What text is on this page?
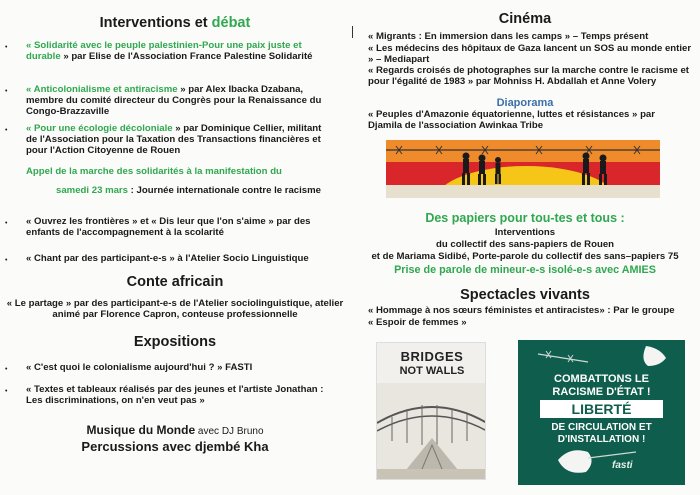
Interventions et débat
• « Solidarité avec le peuple palestinien-Pour une paix juste et durable » par Elise de l'Association France Palestine Solidarité
• « Anticolonialisme et antiracisme » par Alex Ibacka Dzabana, membre du comité directeur du Congrès pour la Renaissance du Congo-Brazzaville
• « Pour une écologie décoloniale » par Dominique Cellier, militant de l'Association pour la Taxation des Transactions financières et pour l'Action Citoyenne de Rouen
Appel de la marche des solidarités à la manifestation du
samedi 23 mars : Journée internationale contre le racisme
• « Ouvrez les frontières » et « Dis leur que l'on s'aime » par des enfants de l'accompagnement à la scolarité
• « Chant par des participant-e-s » à l'Atelier Socio Linguistique
Conte africain
« Le partage » par des participant-e-s de l'Atelier sociolinguistique, atelier animé par Florence Capron, conteuse professionnelle
Expositions
• « C'est quoi le colonialisme aujourd'hui ? » FASTI
• « Textes et tableaux réalisés par des jeunes et l'artiste Jonathan : Les discriminations, on n'en veut pas »
Musique du Monde avec DJ Bruno
Percussions avec djembé Kha
Cinéma
« Migrants : En immersion dans les camps » – Temps présent
« Les médecins des hôpitaux de Gaza lancent un SOS au monde entier » – Mediapart
« Regards croisés de photographes sur la marche contre le racisme et pour l'égalité de 1983 » par Mohniss H. Abdallah et Anne Volery
Diaporama
« Peuples d'Amazonie équatorienne, luttes et résistances » par Djamila de l'association Awinkaa Tribe
Des papiers pour tou-tes et tous :
Interventions
du collectif des sans-papiers de Rouen
et de Mariama Sidibé, Porte-parole du collectif des sans–papiers 75
Prise de parole de mineur-e-s isolé-e-s avec AMIES
Spectacles vivants
« Hommage à nos sœurs féministes et antiracistes» : Par le groupe
« Espoir de femmes »
BRIDGES
NOT WALLS
COMBATTONS LE
RACISME D'ÉTAT !
LIBERTÉ
DE CIRCULATION ET
D'INSTALLATION !
fasti
